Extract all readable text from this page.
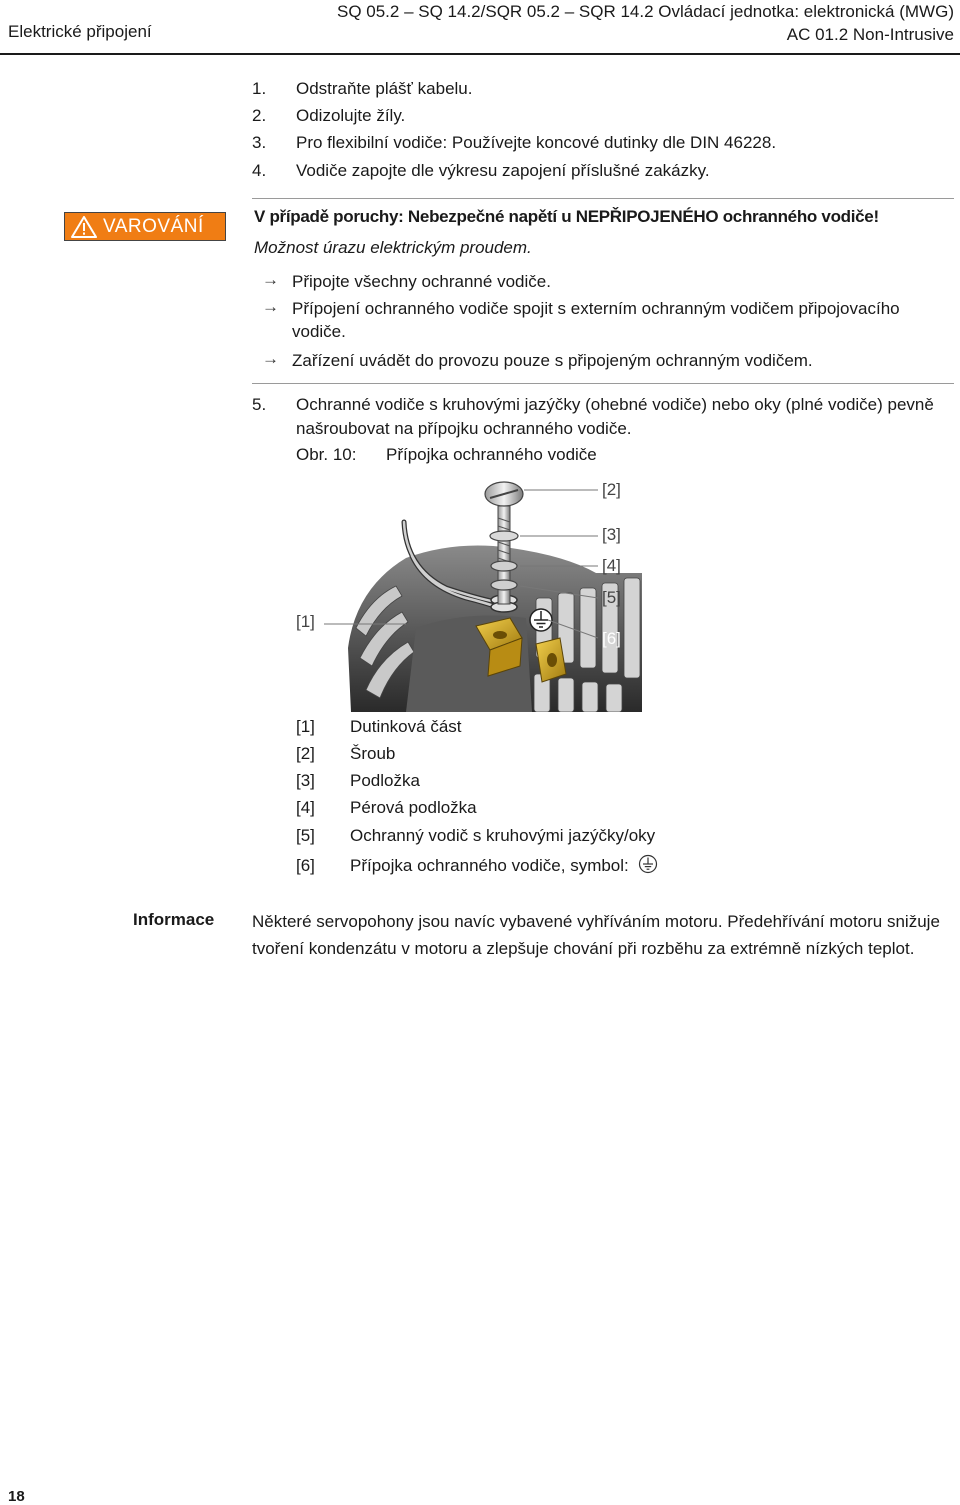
Elektrické připojení
SQ 05.2 – SQ 14.2/SQR 05.2 – SQR 14.2 Ovládací jednotka: elektronická (MWG)
AC 01.2 Non-Intrusive
1. Odstraňte plášť kabelu.
2. Odizolujte žíly.
3. Pro flexibilní vodiče: Používejte koncové dutinky dle DIN 46228.
4. Vodiče zapojte dle výkresu zapojení příslušné zakázky.
VAROVÁNÍ	V případě poruchy: Nebezpečné napětí u NEPŘIPOJENÉHO ochranného vodiče!
Možnost úrazu elektrickým proudem.
→ Připojte všechny ochranné vodiče.
→ Přípojení ochranného vodiče spojit s externím ochranným vodičem připojovacího vodiče.
→ Zařízení uvádět do provozu pouze s připojeným ochranným vodičem.
5. Ochranné vodiče s kruhovými jazýčky (ohebné vodiče) nebo oky (plné vodiče) pevně našroubovat na přípojku ochranného vodiče.
Obr. 10: Přípojka ochranného vodiče
[2]
[3]
[4]
[5]
[6]
[1]
[1] Dutinková část
[2] Šroub
[3] Podložka
[4] Pérová podložka
[5] Ochranný vodič s kruhovými jazýčky/oky
[6] Přípojka ochranného vodiče, symbol:
Informace Některé servopohony jsou navíc vybavené vyhříváním motoru. Předehřívání motoru snižuje tvoření kondenzátu v motoru a zlepšuje chování při rozběhu za extrémně nízkých teplot.
18
